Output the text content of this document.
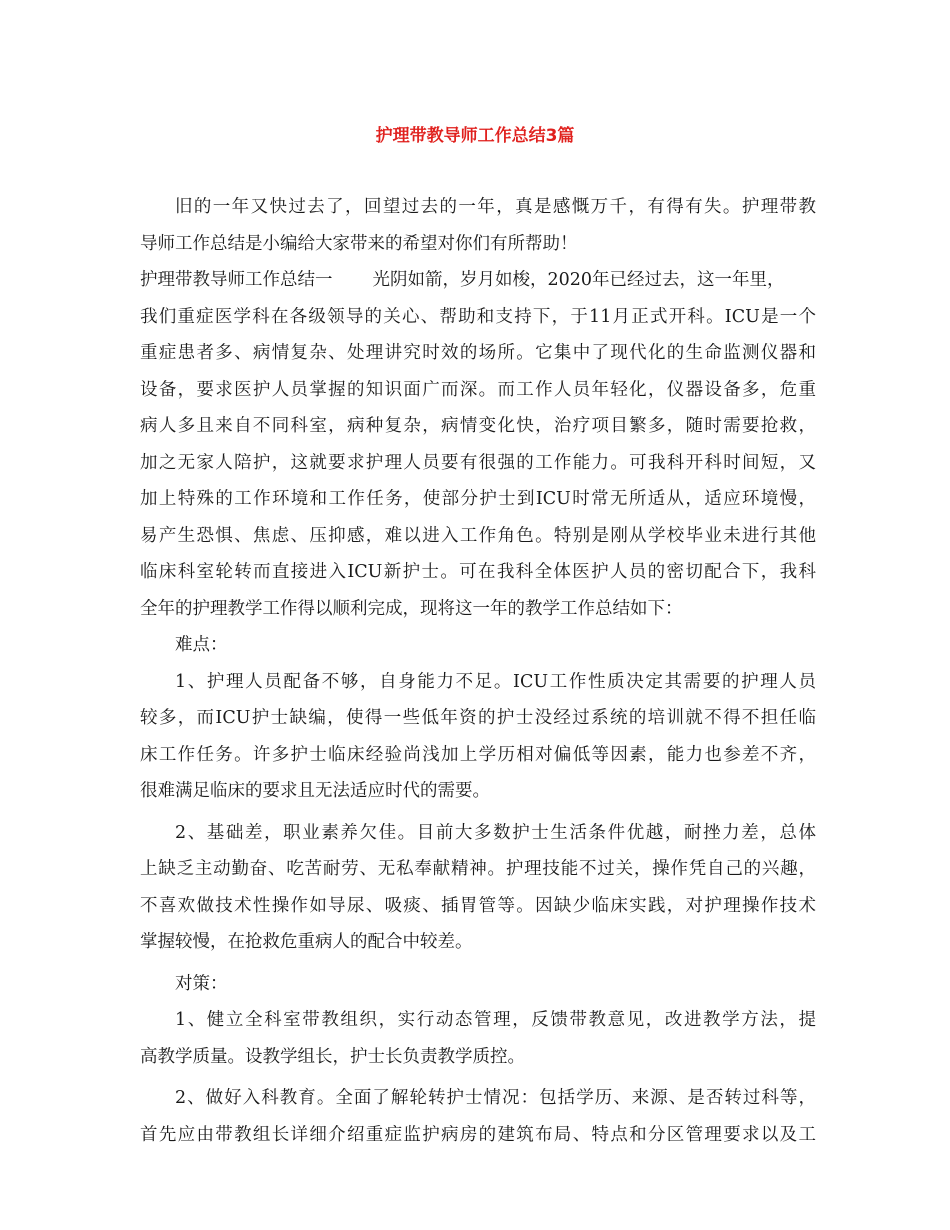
护理带教导师工作总结3篇
旧的一年又快过去了，回望过去的一年，真是感慨万千，有得有失。护理带教
导师工作总结是小编给大家带来的希望对你们有所帮助！
护理带教导师工作总结一 光阴如箭，岁月如梭，2020年已经过去，这一年里，
我们重症医学科在各级领导的关心、帮助和支持下，于11月正式开科。ICU是一个
重症患者多、病情复杂、处理讲究时效的场所。它集中了现代化的生命监测仪器和
设备，要求医护人员掌握的知识面广而深。而工作人员年轻化，仪器设备多，危重
病人多且来自不同科室，病种复杂，病情变化快，治疗项目繁多，随时需要抢救，
加之无家人陪护，这就要求护理人员要有很强的工作能力。可我科开科时间短，又
加上特殊的工作环境和工作任务，使部分护士到ICU时常无所适从，适应环境慢，
易产生恐惧、焦虑、压抑感，难以进入工作角色。特别是刚从学校毕业未进行其他
临床科室轮转而直接进入ICU新护士。可在我科全体医护人员的密切配合下，我科
全年的护理教学工作得以顺利完成，现将这一年的教学工作总结如下：
难点：
1、护理人员配备不够，自身能力不足。ICU工作性质决定其需要的护理人员
较多，而ICU护士缺编，使得一些低年资的护士没经过系统的培训就不得不担任临
床工作任务。许多护士临床经验尚浅加上学历相对偏低等因素，能力也参差不齐，
很难满足临床的要求且无法适应时代的需要。
2、基础差，职业素养欠佳。目前大多数护士生活条件优越，耐挫力差，总体
上缺乏主动勤奋、吃苦耐劳、无私奉献精神。护理技能不过关，操作凭自己的兴趣，
不喜欢做技术性操作如导尿、吸痰、插胃管等。因缺少临床实践，对护理操作技术
掌握较慢，在抢救危重病人的配合中较差。
对策：
1、健立全科室带教组织，实行动态管理，反馈带教意见，改进教学方法，提
高教学质量。设教学组长，护士长负责教学质控。
2、做好入科教育。全面了解轮转护士情况：包括学历、来源、是否转过科等，
首先应由带教组长详细介绍重症监护病房的建筑布局、特点和分区管理要求以及工
